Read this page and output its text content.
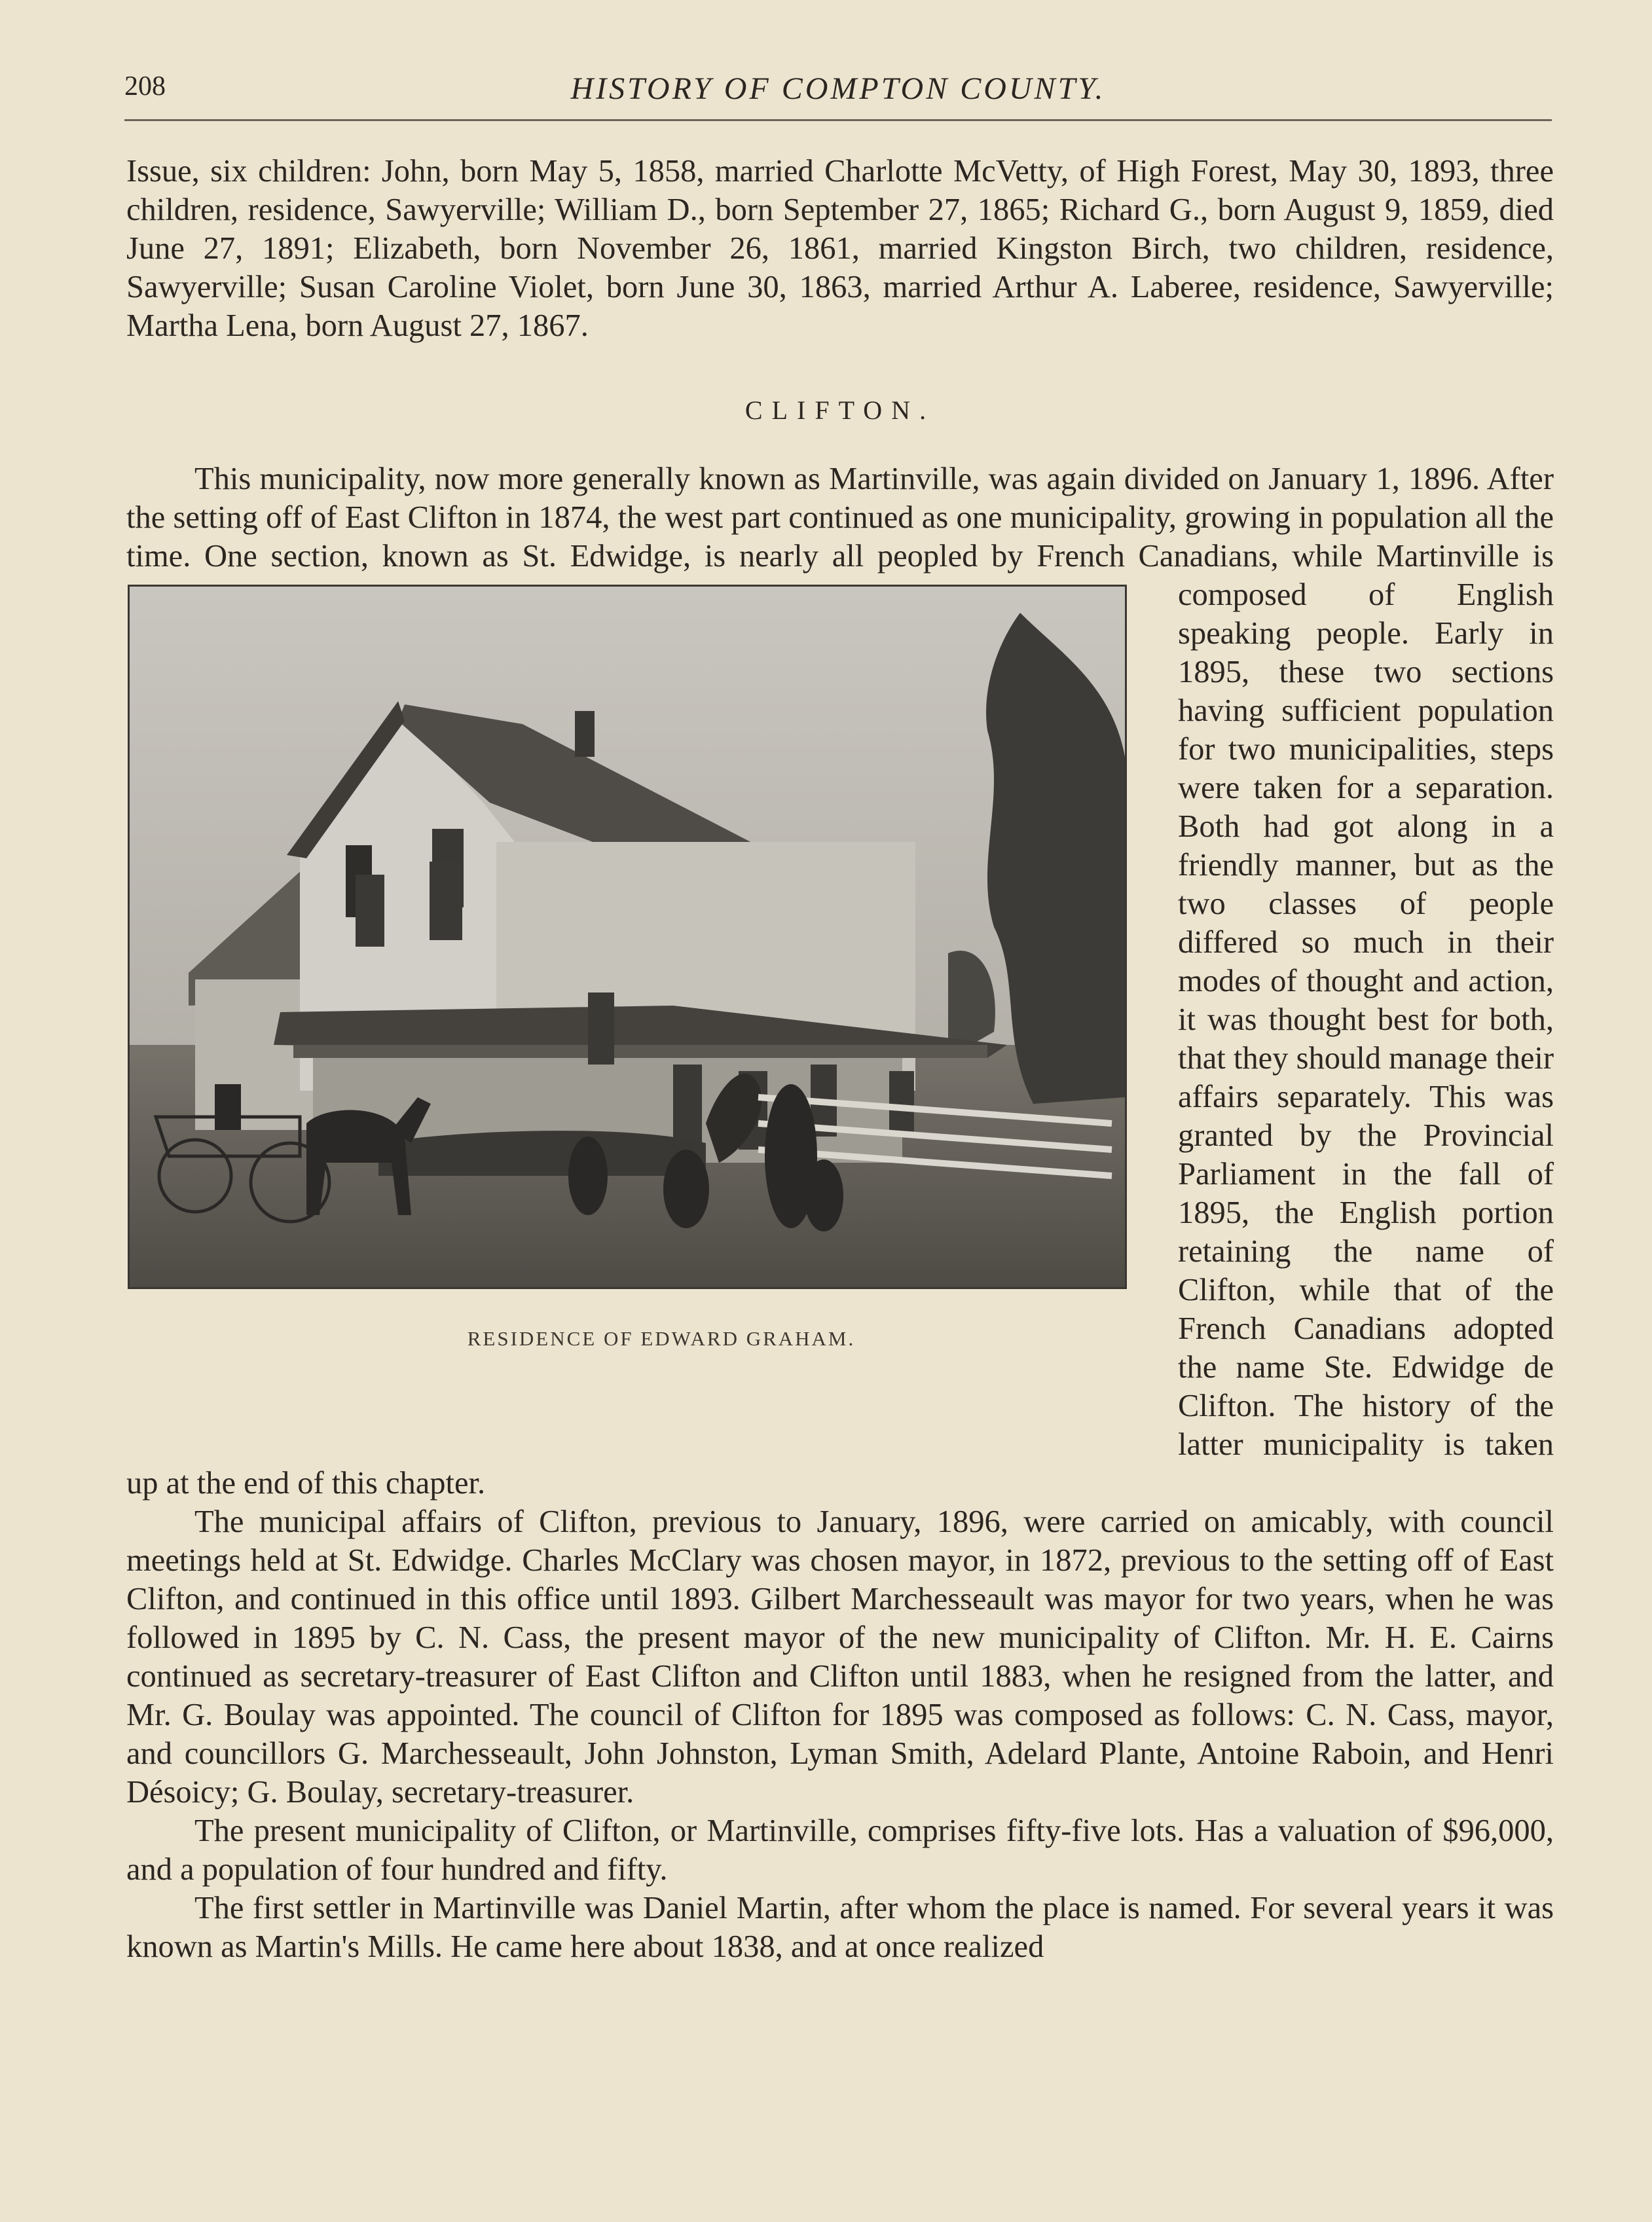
208	HISTORY OF COMPTON COUNTY.

Issue, six children: John, born May 5, 1858, married Charlotte McVetty, of High Forest, May 30, 1893, three children, residence, Sawyerville; William D., born September 27, 1865; Richard G., born August 9, 1859, died June 27, 1891; Elizabeth, born November 26, 1861, married Kingston Birch, two children, residence, Sawyerville; Susan Caroline Violet, born June 30, 1863, married Arthur A. Laberee, residence, Sawyerville; Martha Lena, born August 27, 1867.

CLIFTON.

This municipality, now more generally known as Martinville, was again divided on January 1, 1896. After the setting off of East Clifton in 1874, the west part continued as one municipality, growing in population all the time. One section, known as St. Edwidge,
RESIDENCE OF EDWARD GRAHAM.
is nearly all peopled by French Canadians, while Martinville is composed of English speaking people. Early in 1895, these two sections having sufficient population for two municipalities, steps were taken for a separation. Both had got along in a friendly manner, but as the two classes of people differed so much in their modes of thought and action, it was thought best for both, that they should manage their affairs separately. This was granted by the Provincial Parliament in the fall of 1895, the English portion retaining the name of Clifton, while that of the French Canadians adopted the name Ste. Edwidge de Clifton. The history of the latter municipality is taken up at the end of this chapter.

The municipal affairs of Clifton, previous to January, 1896, were carried on amicably, with council meetings held at St. Edwidge. Charles McClary was chosen mayor, in 1872, previous to the setting off of East Clifton, and continued in this office until 1893. Gilbert Marchesseault was mayor for two years, when he was followed in 1895 by C. N. Cass, the present mayor of the new municipality of Clifton. Mr. H. E. Cairns continued as secretary-treasurer of East Clifton and Clifton until 1883, when he resigned from the latter, and Mr. G. Boulay was appointed. The council of Clifton for 1895 was composed as follows: C. N. Cass, mayor, and councillors G. Marchesseault, John Johnston, Lyman Smith, Adelard Plante, Antoine Raboin, and Henri Désoicy; G. Boulay, secretary-treasurer.

The present municipality of Clifton, or Martinville, comprises fifty-five lots. Has a valuation of $96,000, and a population of four hundred and fifty.

The first settler in Martinville was Daniel Martin, after whom the place is named. For several years it was known as Martin's Mills. He came here about 1838, and at once realized
